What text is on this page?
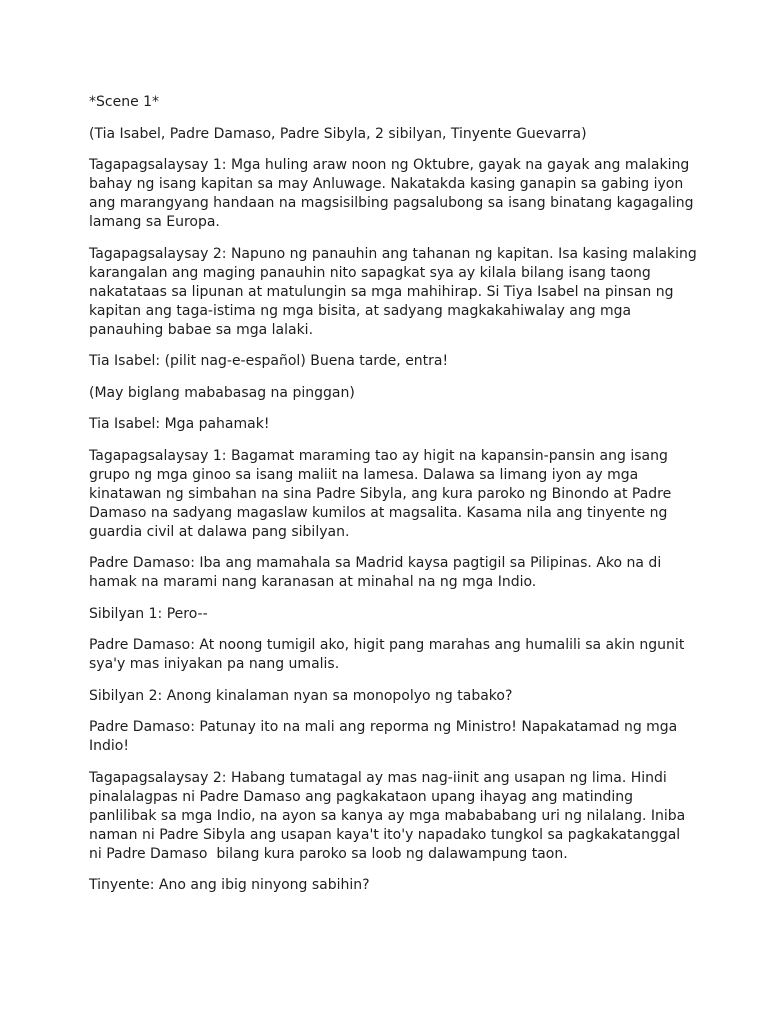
*Scene 1*

(Tia Isabel, Padre Damaso, Padre Sibyla, 2 sibilyan, Tinyente Guevarra)

Tagapagsalaysay 1: Mga huling araw noon ng Oktubre, gayak na gayak ang malaking bahay ng isang kapitan sa may Anluwage. Nakatakda kasing ganapin sa gabing iyon ang marangyang handaan na magsisilbing pagsalubong sa isang binatang kagagaling lamang sa Europa.

Tagapagsalaysay 2: Napuno ng panauhin ang tahanan ng kapitan. Isa kasing malaking karangalan ang maging panauhin nito sapagkat sya ay kilala bilang isang taong nakatataas sa lipunan at matulungin sa mga mahihirap. Si Tiya Isabel na pinsan ng kapitan ang taga-istima ng mga bisita, at sadyang magkakahiwalay ang mga panauhing babae sa mga lalaki.

Tia Isabel: (pilit nag-e-español) Buena tarde, entra!

(May biglang mababasag na pinggan)

Tia Isabel: Mga pahamak!

Tagapagsalaysay 1: Bagamat maraming tao ay higit na kapansin-pansin ang isang grupo ng mga ginoo sa isang maliit na lamesa. Dalawa sa limang iyon ay mga kinatawan ng simbahan na sina Padre Sibyla, ang kura paroko ng Binondo at Padre Damaso na sadyang magaslaw kumilos at magsalita. Kasama nila ang tinyente ng guardia civil at dalawa pang sibilyan.

Padre Damaso: Iba ang mamahala sa Madrid kaysa pagtigil sa Pilipinas. Ako na di hamak na marami nang karanasan at minahal na ng mga Indio.

Sibilyan 1: Pero--

Padre Damaso: At noong tumigil ako, higit pang marahas ang humalili sa akin ngunit sya'y mas iniyakan pa nang umalis.

Sibilyan 2: Anong kinalaman nyan sa monopolyo ng tabako?

Padre Damaso: Patunay ito na mali ang reporma ng Ministro! Napakatamad ng mga Indio!

Tagapagsalaysay 2: Habang tumatagal ay mas nag-iinit ang usapan ng lima. Hindi pinalalagpas ni Padre Damaso ang pagkakataon upang ihayag ang matinding panlilibak sa mga Indio, na ayon sa kanya ay mga mabababang uri ng nilalang. Iniba naman ni Padre Sibyla ang usapan kaya't ito'y napadako tungkol sa pagkakatanggal ni Padre Damaso  bilang kura paroko sa loob ng dalawampung taon.

Tinyente: Ano ang ibig ninyong sabihin?
